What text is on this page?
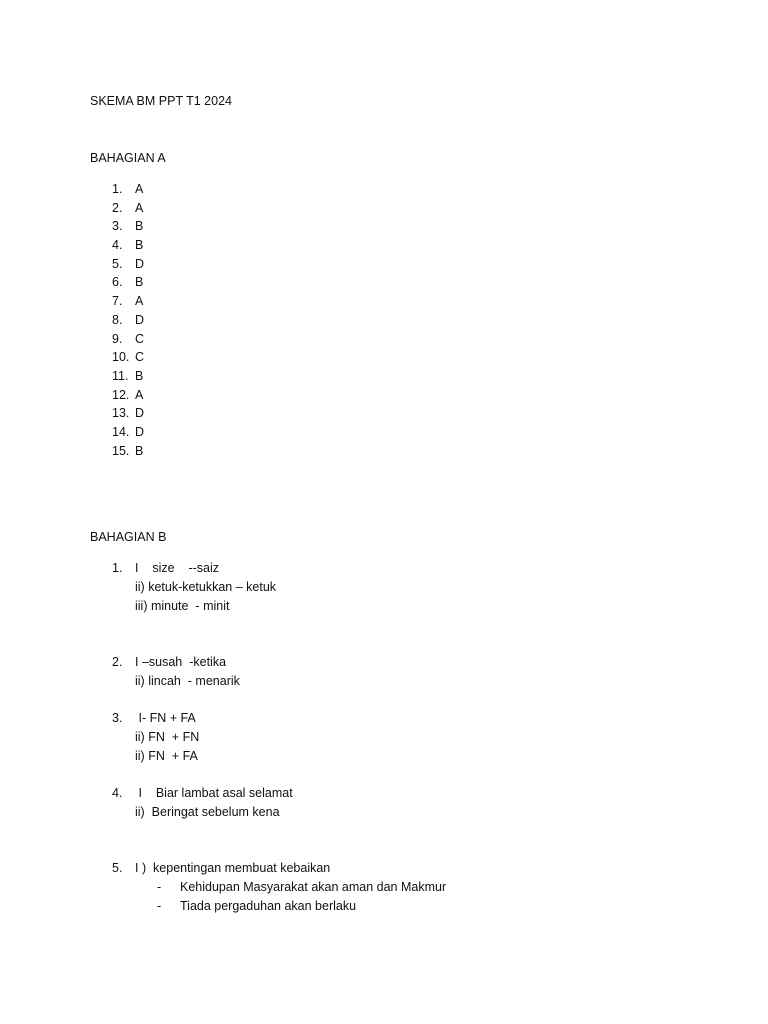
SKEMA BM PPT T1 2024
BAHAGIAN A
1. A
2. A
3. B
4. B
5. D
6. B
7. A
8. D
9. C
10. C
11. B
12. A
13. D
14. D
15. B
BAHAGIAN B
1. I    size    --saiz
ii) ketuk-ketukkan – ketuk
iii) minute  - minit
2. I –susah  -ketika
ii) lincah  - menarik
3. I- FN + FA
ii) FN  + FN
ii) FN  + FA
4. I    Biar lambat asal selamat
ii)  Beringat sebelum kena
5. I )  kepentingan membuat kebaikan
- Kehidupan Masyarakat akan aman dan Makmur
- Tiada pergaduhan akan berlaku
